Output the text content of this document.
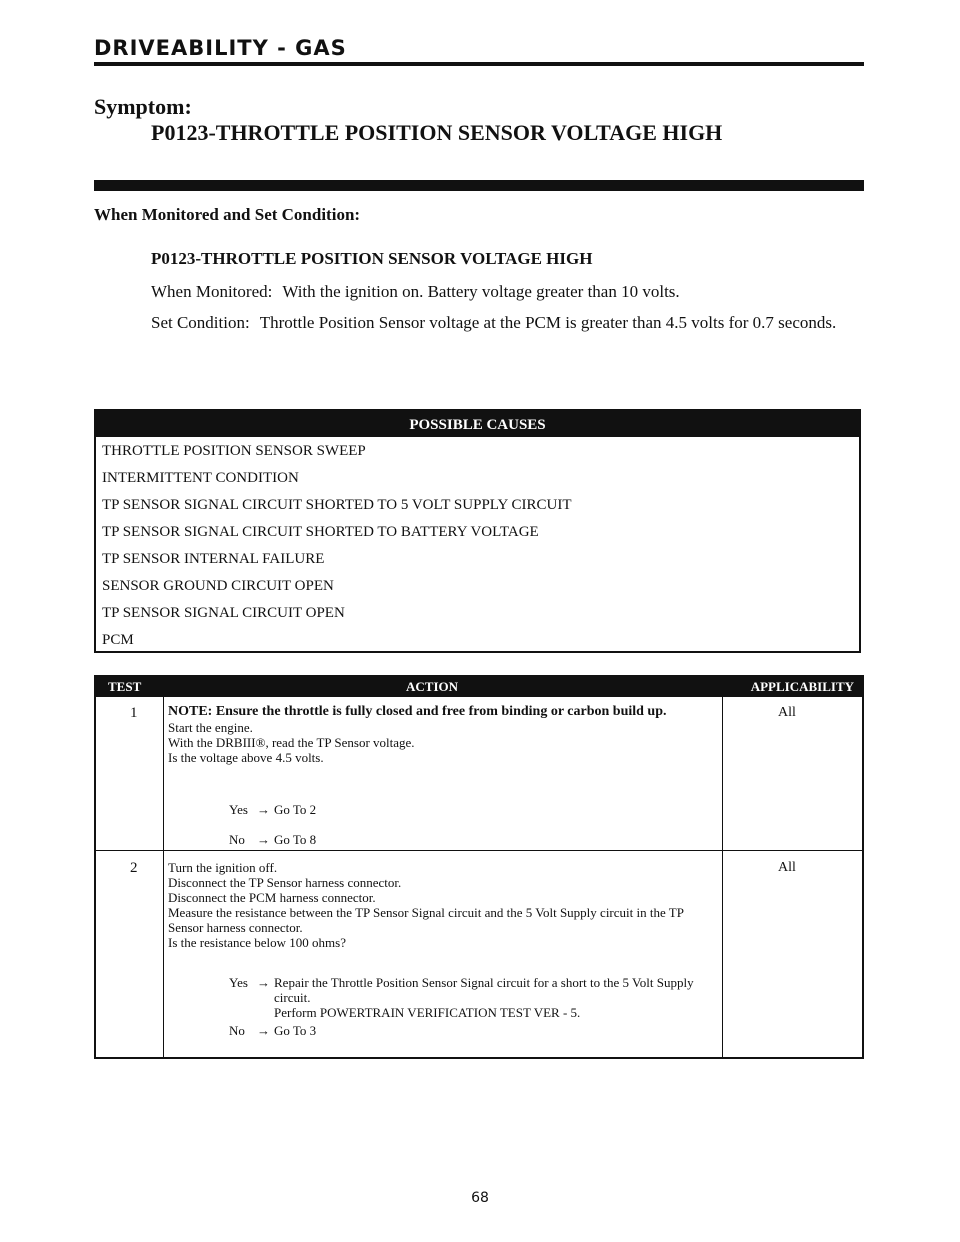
DRIVEABILITY - GAS
Symptom:
P0123-THROTTLE POSITION SENSOR VOLTAGE HIGH
When Monitored and Set Condition:
P0123-THROTTLE POSITION SENSOR VOLTAGE HIGH
When Monitored: With the ignition on. Battery voltage greater than 10 volts.
Set Condition: Throttle Position Sensor voltage at the PCM is greater than 4.5 volts for 0.7 seconds.
POSSIBLE CAUSES
THROTTLE POSITION SENSOR SWEEP
INTERMITTENT CONDITION
TP SENSOR SIGNAL CIRCUIT SHORTED TO 5 VOLT SUPPLY CIRCUIT
TP SENSOR SIGNAL CIRCUIT SHORTED TO BATTERY VOLTAGE
TP SENSOR INTERNAL FAILURE
SENSOR GROUND CIRCUIT OPEN
TP SENSOR SIGNAL CIRCUIT OPEN
PCM
TEST	ACTION	APPLICABILITY
1 NOTE: Ensure the throttle is fully closed and free from binding or carbon build up.
Start the engine.
With the DRBIII®, read the TP Sensor voltage.
Is the voltage above 4.5 volts.
Yes → Go To 2
No → Go To 8
All
2 Turn the ignition off.
Disconnect the TP Sensor harness connector.
Disconnect the PCM harness connector.
Measure the resistance between the TP Sensor Signal circuit and the 5 Volt Supply circuit in the TP Sensor harness connector.
Is the resistance below 100 ohms?
Yes → Repair the Throttle Position Sensor Signal circuit for a short to the 5 Volt Supply circuit.
Perform POWERTRAIN VERIFICATION TEST VER - 5.
No → Go To 3
All
68
